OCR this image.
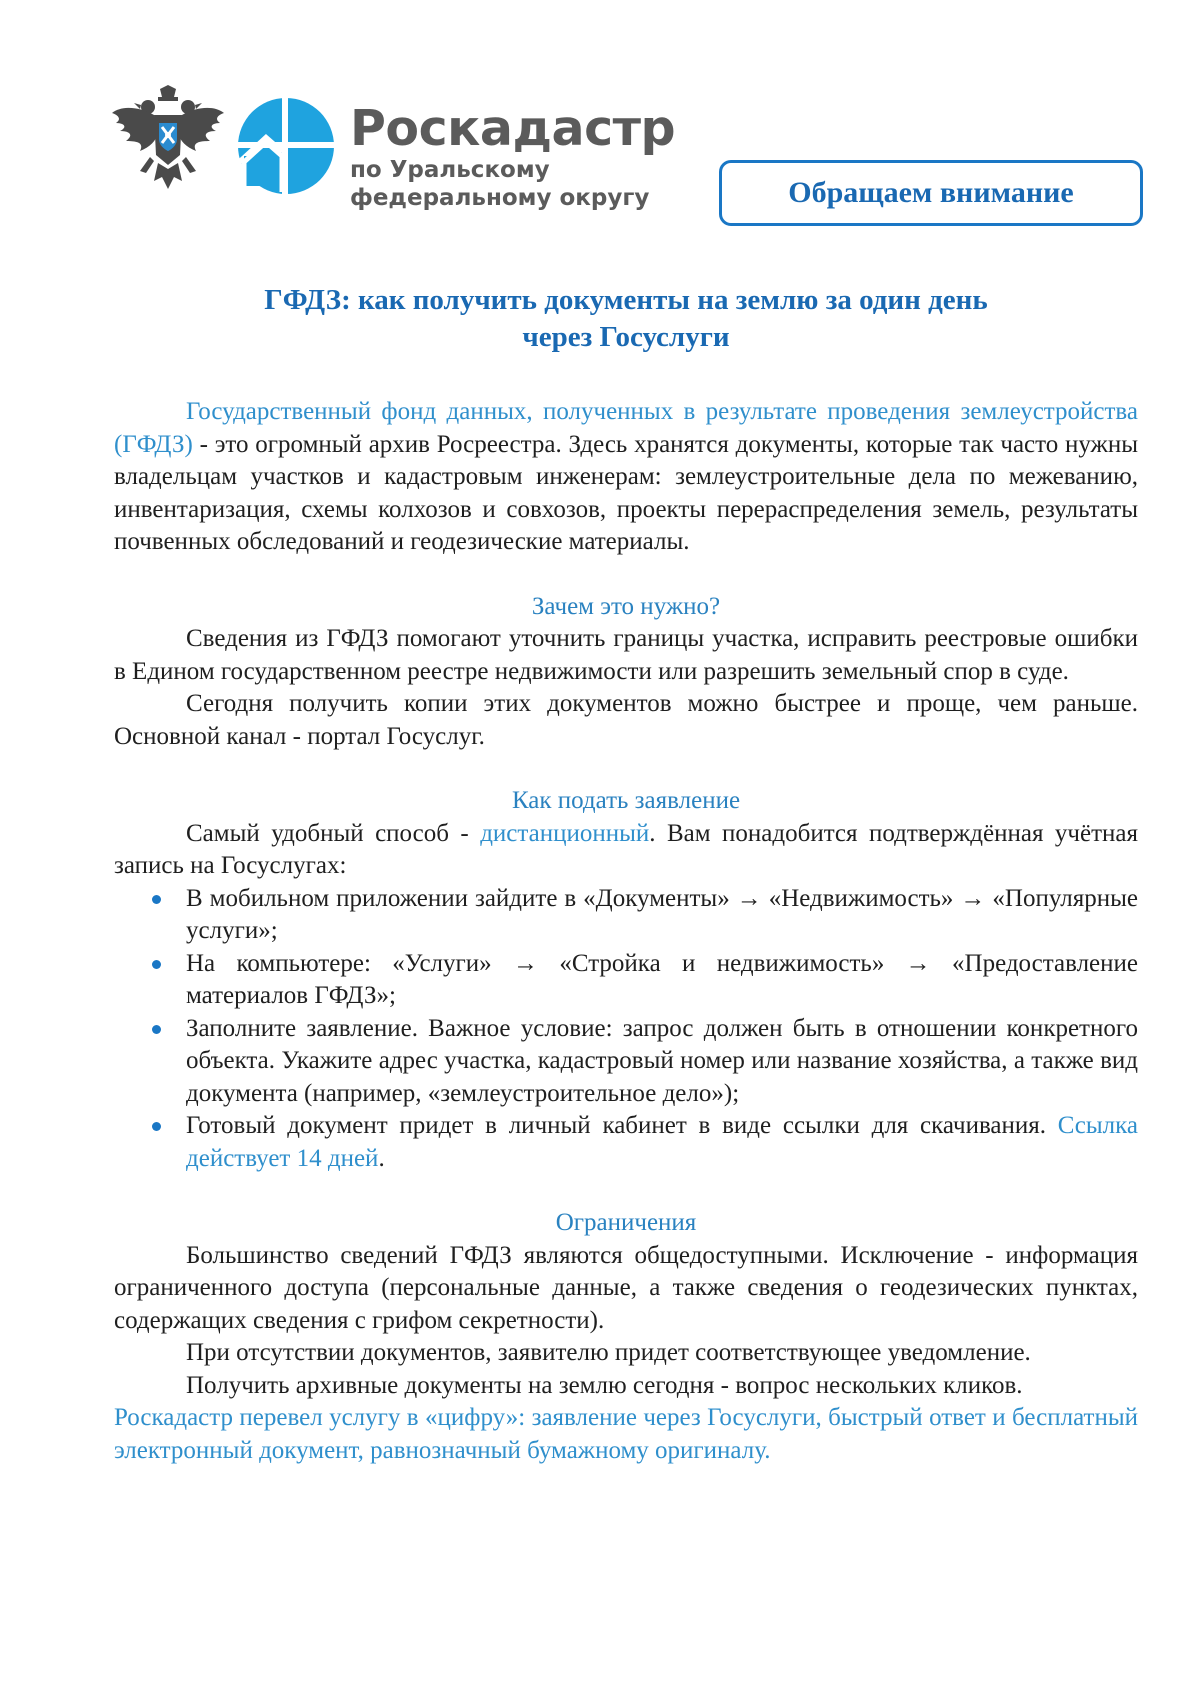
Роскадастр

по Уральскому

федеральному округу	Обращаем внимание
ГФДЗ: как получить документы на землю за один день
через Госуслуги

Государственный фонд данных, полученных в результате проведения землеустройства (ГФДЗ) - это огромный архив Росреестра. Здесь хранятся документы, которые так часто нужны владельцам участков и кадастровым инженерам: землеустроительные дела по межеванию, инвентаризация, схемы колхозов и совхозов, проекты перераспределения земель, результаты почвенных обследований и геодезические материалы.

Зачем это нужно?

Сведения из ГФДЗ помогают уточнить границы участка, исправить реестровые ошибки в Едином государственном реестре недвижимости или разрешить земельный спор в суде.

Сегодня получить копии этих документов можно быстрее и проще, чем раньше. Основной канал - портал Госуслуг.

Как подать заявление

Самый удобный способ - дистанционный. Вам понадобится подтверждённая учётная запись на Госуслугах:

В мобильном приложении зайдите в «Документы» → «Недвижимость» → «Популярные услуги»;
На компьютере: «Услуги» → «Стройка и недвижимость» → «Предоставление материалов ГФДЗ»;
Заполните заявление. Важное условие: запрос должен быть в отношении конкретного объекта. Укажите адрес участка, кадастровый номер или название хозяйства, а также вид документа (например, «землеустроительное дело»);
Готовый документ придет в личный кабинет в виде ссылки для скачивания. Ссылка действует 14 дней.

Ограничения

Большинство сведений ГФДЗ являются общедоступными. Исключение - информация ограниченного доступа (персональные данные, а также сведения о геодезических пунктах, содержащих сведения с грифом секретности).

При отсутствии документов, заявителю придет соответствующее уведомление.

Получить архивные документы на землю сегодня - вопрос нескольких кликов.

Роскадастр перевел услугу в «цифру»: заявление через Госуслуги, быстрый ответ и бесплатный электронный документ, равнозначный бумажному оригиналу.
